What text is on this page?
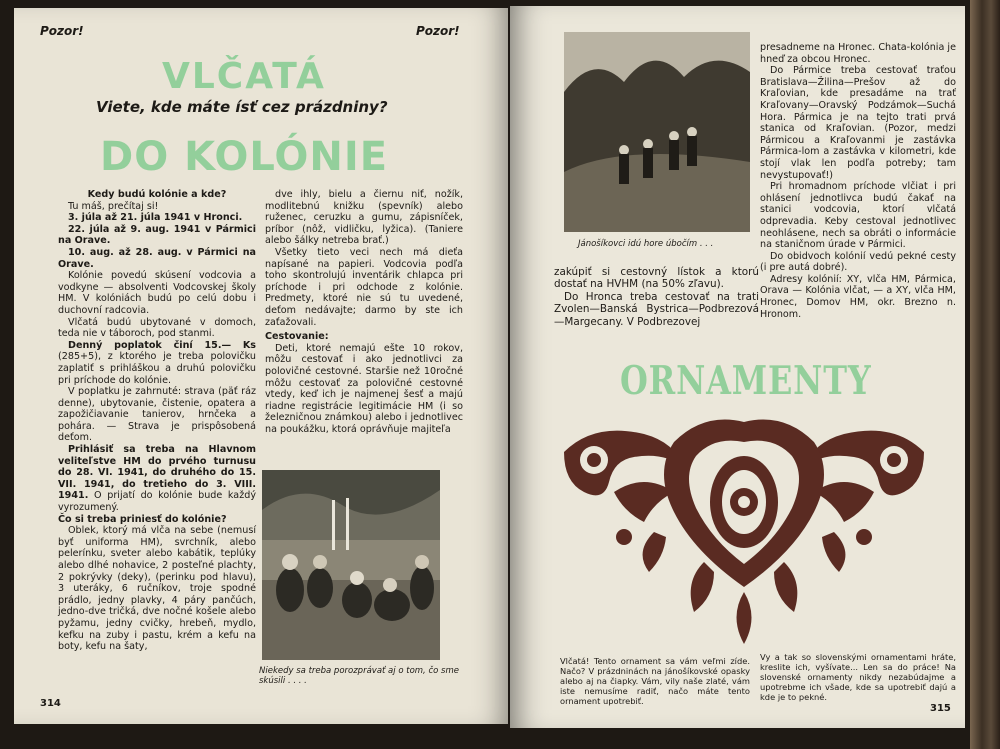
Pozor!	Pozor!
VLČATÁ
Viete, kde máte ísť cez prázdniny?
DO KOLÓNIE

Kedy budú kolónie a kde?

Tu máš, prečítaj si!

3. júla až 21. júla 1941 v Hronci.

22. júla až 9. aug. 1941 v Pármici na Orave.

10. aug. až 28. aug. v Pármici na Orave.

Kolónie povedú skúsení vodcovia a vodkyne — absolventi Vodcovskej školy HM. V kolóniách budú po celú dobu i duchovní radcovia.

Vlčatá budú ubytované v domoch, teda nie v táboroch, pod stanmi.

Denný poplatok činí 15.— Ks (285+5), z ktorého je treba polovičku zaplatiť s prihláškou a druhú polovičku pri príchode do kolónie.

V poplatku je zahrnuté: strava (päť ráz denne), ubytovanie, čistenie, opatera a zapožičiavanie tanierov, hrnčeka a pohára. — Strava je prispôsobená deťom.

Prihlásiť sa treba na Hlavnom veliteľstve HM do prvého turnusu do 28. VI. 1941, do druhého do 15. VII. 1941, do tretieho do 3. VIII. 1941. O prijatí do kolónie bude každý vyrozumený.

Čo si treba priniesť do kolónie?

Oblek, ktorý má vlča na sebe (nemusí byť uniforma HM), svrchník, alebo pelerínku, sveter alebo kabátik, teplúky alebo dlhé nohavice, 2 posteľné plachty, 2 pokrývky (deky), (perinku pod hlavu), 3 uteráky, 6 ručníkov, troje spodné prádlo, jedny plavky, 4 páry pančúch, jedno-dve tričká, dve nočné košele alebo pyžamu, jedny cvičky, hrebeň, mydlo, kefku na zuby i pastu, krém a kefu na boty, kefu na šaty,

dve ihly, bielu a čiernu niť, nožík, modlitebnú knižku (spevník) alebo ruženec, ceruzku a gumu, zápisníček, príbor (nôž, vidličku, lyžica). (Taniere alebo šálky netreba brať.)

Všetky tieto veci nech má dieťa napísané na papieri. Vodcovia podľa toho skontrolujú inventárik chlapca pri príchode i pri odchode z kolónie. Predmety, ktoré nie sú tu uvedené, deťom nedávajte; darmo by ste ich zaťažovali.

Cestovanie:

Deti, ktoré nemajú ešte 10 rokov, môžu cestovať i ako jednotlivci za polovičné cestovné. Staršie než 10ročné môžu cestovať za polovičné cestovné vtedy, keď ich je najmenej šesť a majú riadne registrácie legitimácie HM (i so železničnou známkou) alebo i jednotlivec na poukážku, ktorá oprávňuje majiteľa

Niekedy sa treba porozprávať aj o tom, čo sme skúsili . . . .
314
Jánošíkovci idú hore úbočím . . .

presadneme na Hronec. Chata-kolónia je hneď za obcou Hronec.

Do Pármice treba cestovať traťou Bratislava—Žilina—Prešov až do Kraľovian, kde presadáme na trať Kraľovany—Oravský Podzámok—Suchá Hora. Pármica je na tejto trati prvá stanica od Kraľovian. (Pozor, medzi Pármicou a Kraľovanmi je zastávka Pármica-lom a zastávka v kilometri, kde stojí vlak len podľa potreby; tam nevystupovať!)

Pri hromadnom príchode vlčiat i pri ohlásení jednotlivca budú čakať na stanici vodcovia, ktorí vlčatá odprevadia. Keby cestoval jednotlivec neohlásene, nech sa obráti o informácie na staničnom úrade v Pármici.

Do obidvoch kolónií vedú pekné cesty (i pre autá dobré).

Adresy kolónií: XY, vlča HM, Pármica, Orava — Kolónia vlčat, — a XY, vlča HM, Hronec, Domov HM, okr. Brezno n. Hronom.

zakúpiť si cestovný lístok a ktorú dostať na HVHM (na 50% zľavu).

Do Hronca treba cestovať na trati Zvolen—Banská Bystrica—Podbrezová—Margecany. V Podbrezovej

ORNAMENTY
Vlčatá! Tento ornament sa vám veľmi zíde. Načo? V prázdninách na jánošíkovské opasky alebo aj na čiapky. Vám, vily naše zlaté, vám iste nemusíme radiť, načo máte tento ornament upotrebiť.
Vy a tak so slovenskými ornamentami hráte, kreslite ich, vyšívate... Len sa do práce! Na slovenské ornamenty nikdy nezabúdajme a upotrebme ich všade, kde sa upotrebiť dajú a kde je to pekné.
315
